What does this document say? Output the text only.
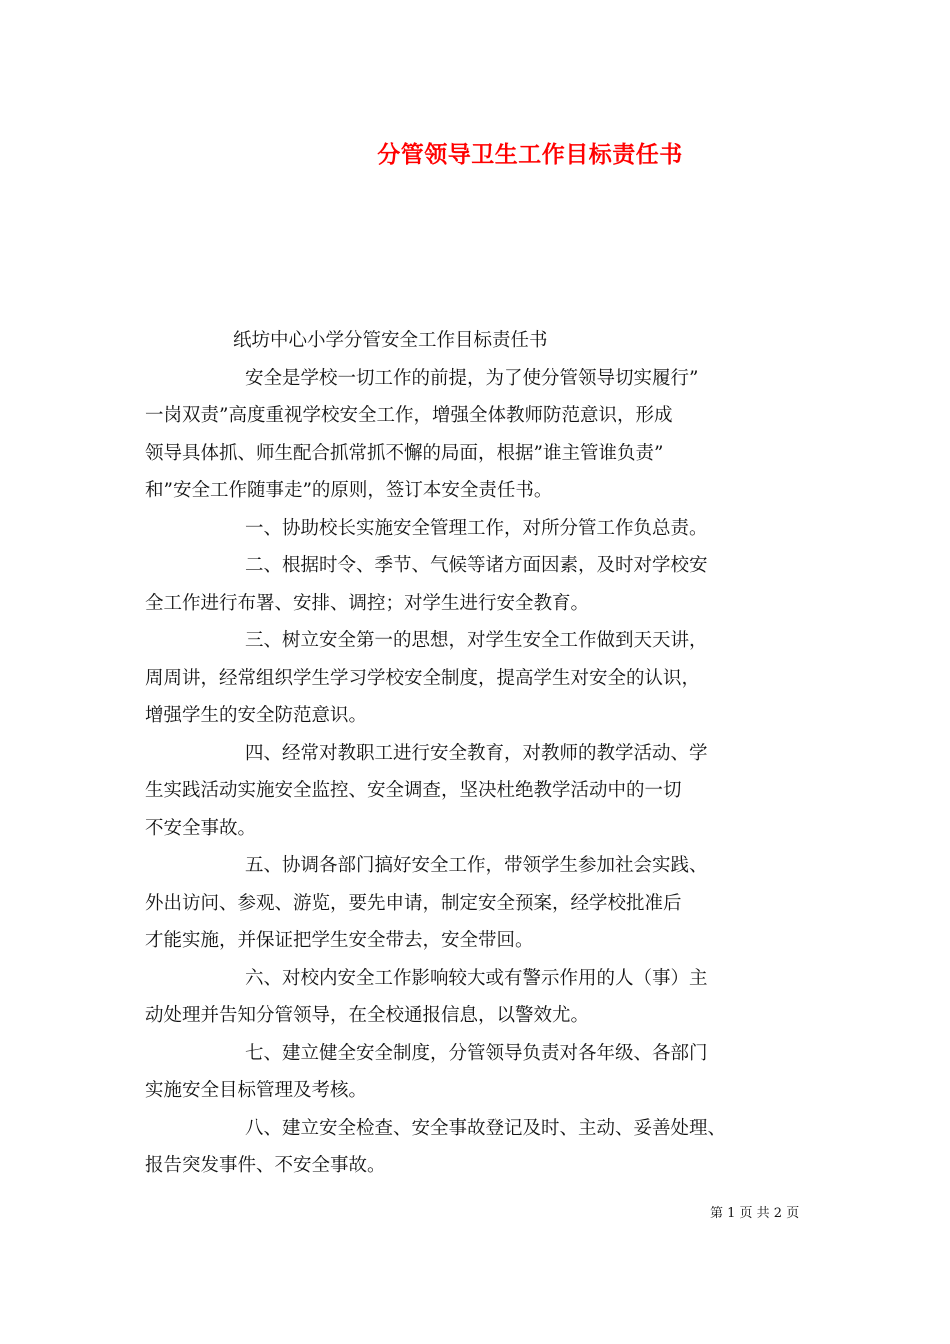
分管领导卫生工作目标责任书

纸坊中心小学分管安全工作目标责任书

安全是学校一切工作的前提，为了使分管领导切实履行”

一岗双责”高度重视学校安全工作，增强全体教师防范意识，形成

领导具体抓、师生配合抓常抓不懈的局面，根据”谁主管谁负责”

和”安全工作随事走”的原则，签订本安全责任书。

一、协助校长实施安全管理工作，对所分管工作负总责。

二、根据时令、季节、气候等诸方面因素，及时对学校安

全工作进行布署、安排、调控；对学生进行安全教育。

三、树立安全第一的思想，对学生安全工作做到天天讲，

周周讲，经常组织学生学习学校安全制度，提高学生对安全的认识，

增强学生的安全防范意识。

四、经常对教职工进行安全教育，对教师的教学活动、学

生实践活动实施安全监控、安全调查，坚决杜绝教学活动中的一切

不安全事故。

五、协调各部门搞好安全工作，带领学生参加社会实践、

外出访问、参观、游览，要先申请，制定安全预案，经学校批准后

才能实施，并保证把学生安全带去，安全带回。

六、对校内安全工作影响较大或有警示作用的人（事）主

动处理并告知分管领导，在全校通报信息，以警效尤。

七、建立健全安全制度，分管领导负责对各年级、各部门

实施安全目标管理及考核。

八、建立安全检查、安全事故登记及时、主动、妥善处理、

报告突发事件、不安全事故。

第 1 页 共 2 页
